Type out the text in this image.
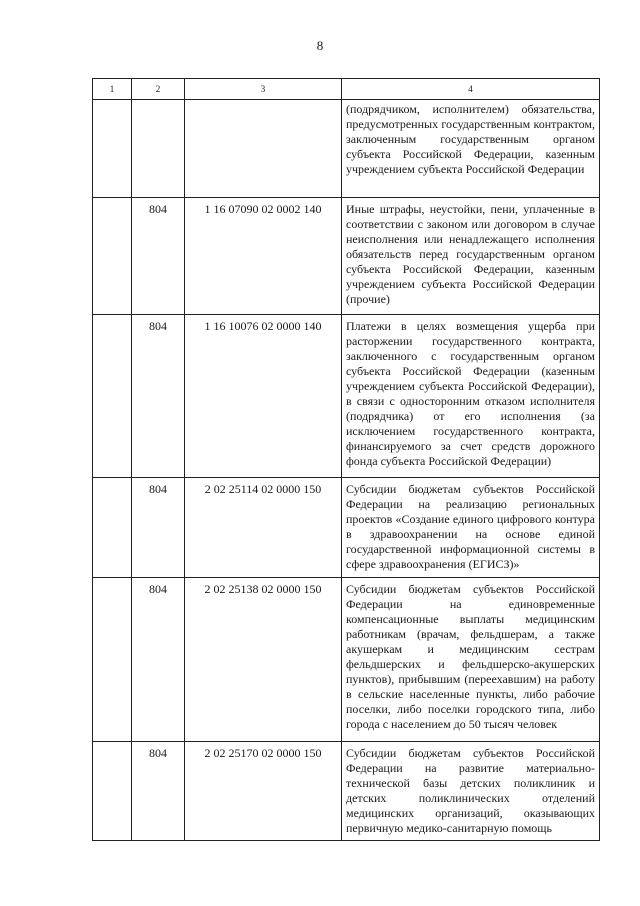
8
1	2	3	4
			(подрядчиком, исполнителем) обязательства, предусмотренных государственным контрактом, заключенным государственным органом субъекта Российской Федерации, казенным учреждением субъекта Российской Федерации
	804	1 16 07090 02 0002 140	Иные штрафы, неустойки, пени, уплаченные в соответствии с законом или договором в случае неисполнения или ненадлежащего исполнения обязательств перед государственным органом субъекта Российской Федерации, казенным учреждением субъекта Российской Федерации (прочие)
	804	1 16 10076 02 0000 140	Платежи в целях возмещения ущерба при расторжении государственного контракта, заключенного с государственным органом субъекта Российской Федерации (казенным учреждением субъекта Российской Федерации), в связи с односторонним отказом исполнителя (подрядчика) от его исполнения (за исключением государственного контракта, финансируемого за счет средств дорожного фонда субъекта Российской Федерации)
	804	2 02 25114 02 0000 150	Субсидии бюджетам субъектов Российской Федерации на реализацию региональных проектов «Создание единого цифрового контура в здравоохранении на основе единой государственной информационной системы в сфере здравоохранения (ЕГИСЗ)»
	804	2 02 25138 02 0000 150	Субсидии бюджетам субъектов Российской Федерации на единовременные компенсационные выплаты медицинским работникам (врачам, фельдшерам, а также акушеркам и медицинским сестрам фельдшерских и фельдшерско-акушерских пунктов), прибывшим (переехавшим) на работу в сельские населенные пункты, либо рабочие поселки, либо поселки городского типа, либо города с населением до 50 тысяч человек
	804	2 02 25170 02 0000 150	Субсидии бюджетам субъектов Российской Федерации на развитие материально-технической базы детских поликлиник и детских поликлинических отделений медицинских организаций, оказывающих первичную медико-санитарную помощь
